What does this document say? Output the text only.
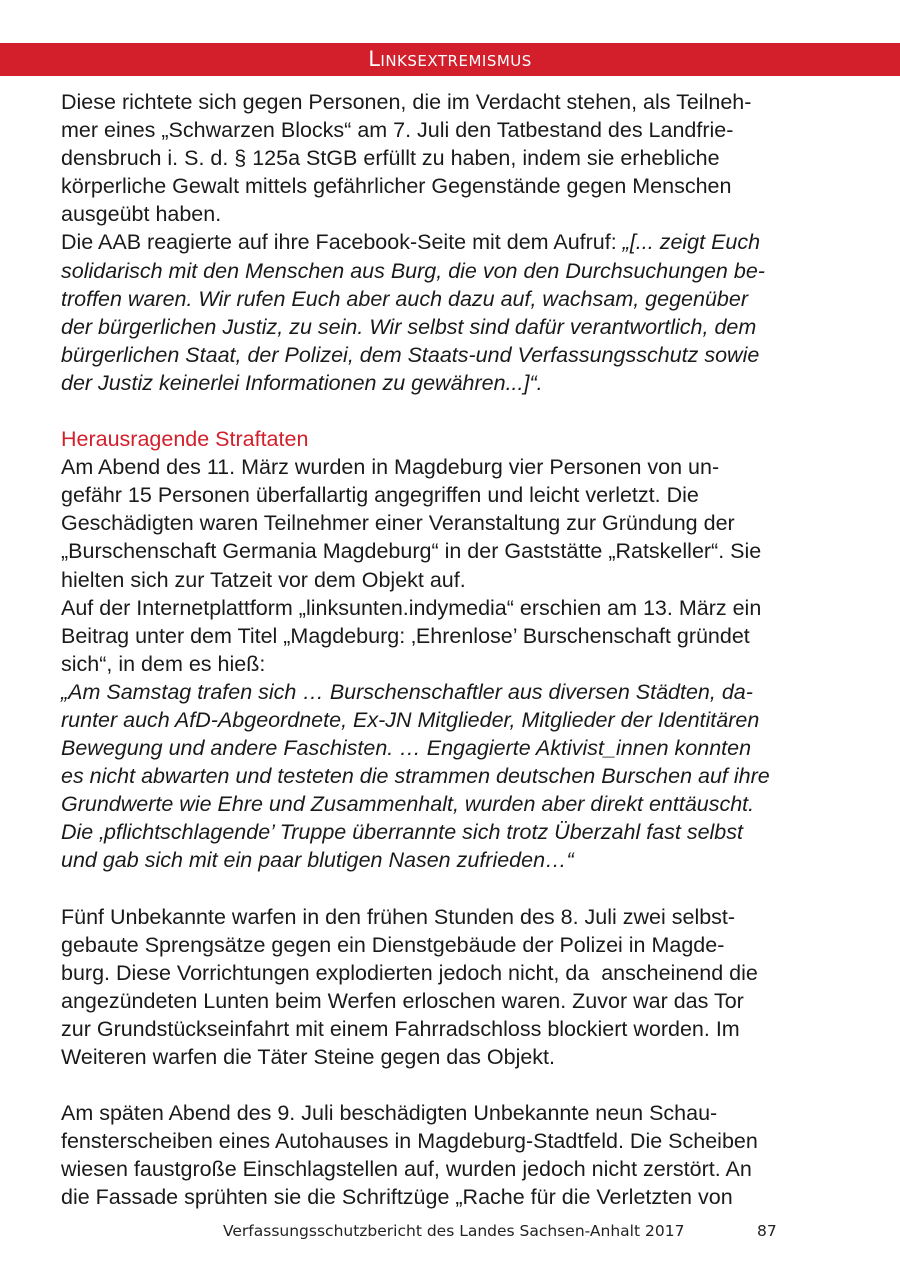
Linksextremismus

Diese richtete sich gegen Personen, die im Verdacht stehen, als Teilneh-
mer eines „Schwarzen Blocks“ am 7. Juli den Tatbestand des Landfrie-
densbruch i. S. d. § 125a StGB erfüllt zu haben, indem sie erhebliche
körperliche Gewalt mittels gefährlicher Gegenstände gegen Menschen
ausgeübt haben.

Die AAB reagierte auf ihre Facebook-Seite mit dem Aufruf: „[... zeigt Euch
solidarisch mit den Menschen aus Burg, die von den Durchsuchungen be-
troffen waren. Wir rufen Euch aber auch dazu auf, wachsam, gegenüber
der bürgerlichen Justiz, zu sein. Wir selbst sind dafür verantwortlich, dem
bürgerlichen Staat, der Polizei, dem Staats-und Verfassungsschutz sowie
der Justiz keinerlei Informationen zu gewähren...]“.

Herausragende Straftaten

Am Abend des 11. März wurden in Magdeburg vier Personen von un-
gefähr 15 Personen überfallartig angegriffen und leicht verletzt. Die
Geschädigten waren Teilnehmer einer Veranstaltung zur Gründung der
„Burschenschaft Germania Magdeburg“ in der Gaststätte „Ratskeller“. Sie
hielten sich zur Tatzeit vor dem Objekt auf.

Auf der Internetplattform „linksunten.indymedia“ erschien am 13. März ein
Beitrag unter dem Titel „Magdeburg: ‚Ehrenlose’ Burschenschaft gründet
sich“, in dem es hieß:

„Am Samstag trafen sich … Burschenschaftler aus diversen Städten, da-
runter auch AfD-Abgeordnete, Ex-JN Mitglieder, Mitglieder der Identitären
Bewegung und andere Faschisten. … Engagierte Aktivist_innen konnten
es nicht abwarten und testeten die strammen deutschen Burschen auf ihre
Grundwerte wie Ehre und Zusammenhalt, wurden aber direkt enttäuscht.
Die ‚pflichtschlagende’ Truppe überrannte sich trotz Überzahl fast selbst
und gab sich mit ein paar blutigen Nasen zufrieden…“

Fünf Unbekannte warfen in den frühen Stunden des 8. Juli zwei selbst-
gebaute Sprengsätze gegen ein Dienstgebäude der Polizei in Magde-
burg. Diese Vorrichtungen explodierten jedoch nicht, da  anscheinend die
angezündeten Lunten beim Werfen erloschen waren. Zuvor war das Tor
zur Grundstückseinfahrt mit einem Fahrradschloss blockiert worden. Im
Weiteren warfen die Täter Steine gegen das Objekt.

Am späten Abend des 9. Juli beschädigten Unbekannte neun Schau-
fensterscheiben eines Autohauses in Magdeburg-Stadtfeld. Die Scheiben
wiesen faustgroße Einschlagstellen auf, wurden jedoch nicht zerstört. An
die Fassade sprühten sie die Schriftzüge „Rache für die Verletzten von

Verfassungsschutzbericht des Landes Sachsen-Anhalt 2017	87
